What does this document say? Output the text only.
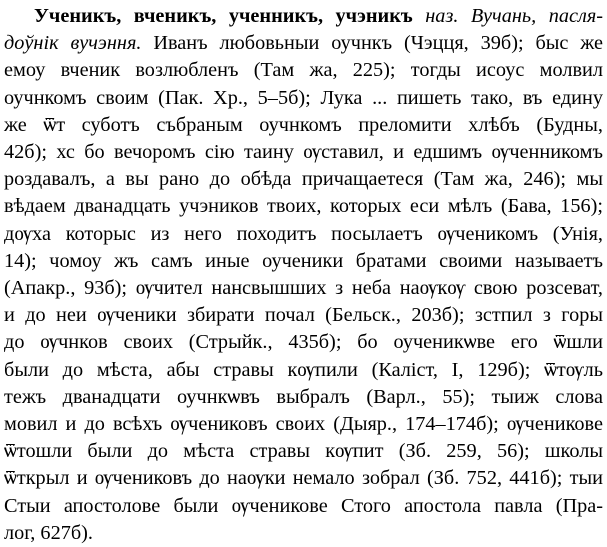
Ученикъ, вченикъ, ученникъ, учэникъ наз. Вучань, пасля-
доўнік вучэння. Иванъ любовьныи оучнкъ (Чэцця, 39б); быс же
емоу вченик возлюбленъ (Там жа, 225); тогды исоус молвил
оучнкомъ своим (Пак. Хр., 5–5б); Лука ... пишеть тако, въ едину
же ѿт суботъ събраным оучнкомъ преломити хлѣбъ (Будны,
42б); хс бо вечоромъ сію таину ѹставил, и едшимъ ѹченникомъ
роздавалъ, а вы рано до обѣда причащаетеся (Там жа, 246); мы
вѣдаем дванадцать учэников твоих, которых еси мѣлъ (Бава, 156);
дѹха которыс из него походитъ посылаетъ ѹченикомъ (Унія,
14); чомоу жъ самъ иные оученики братами своими называетъ
(Апакр., 93б); ѹчител нансвышших з неба наѹкѹ свою розсеват,
и до неи ѹченики збирати почал (Бельск., 203б); зстпил з горы
до ѹчнков своих (Стрыйк., 435б); бо оученикѡве его ѿшли
были до мѣста, абы стравы кѹпили (Каліст, I, 129б); ѿтѹль
тежъ дванадцати оучнкѡвъ выбралъ (Варл., 55); тыиж слова
мовил и до всѣхъ ѹчениковъ своих (Дыяр., 174–174б); ѹченикове
ѿтошли были до мѣста стравы кѹпит (Зб. 259, 56); школы
ѿткрыл и ѹчениковъ до наѹки немало зобрал (Зб. 752, 441б); тыи
Стыи апостолове были ѹченикове Стого апостола павла (Пра-
лог, 627б).
